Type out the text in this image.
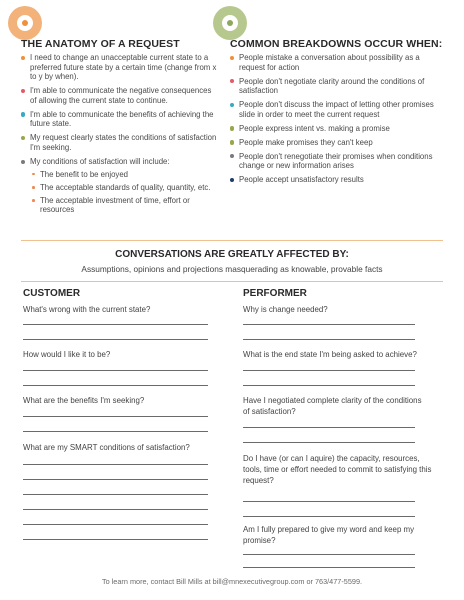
THE ANATOMY OF A REQUEST
I need to change an unacceptable current state to a preferred future state by a certain time (change from x to y by when).
I'm able to communicate the negative consequences of allowing the current state to continue.
I'm able to communicate the benefits of achieving the future state.
My request clearly states the conditions of satisfaction I'm seeking.
My conditions of satisfaction will include:
The benefit to be enjoyed
The acceptable standards of quality, quantity, etc.
The acceptable investment of time, effort or resources
COMMON BREAKDOWNS OCCUR WHEN:
People mistake a conversation about possibility as a request for action
People don't negotiate clarity around the conditions of satisfaction
People don't discuss the impact of letting other promises slide in order to meet the current request
People express intent vs. making a promise
People make promises they can't keep
People don't renegotiate their promises when conditions change or new information arises
People accept unsatisfactory results
CONVERSATIONS ARE GREATLY AFFECTED BY:
Assumptions, opinions and projections masquerading as knowable, provable facts
CUSTOMER
What's wrong with the current state?
How would I like it to be?
What are the benefits I'm seeking?
What are my SMART conditions of satisfaction?
PERFORMER
Why is change needed?
What is the end state I'm being asked to achieve?
Have I negotiated complete clarity of the conditions of satisfaction?
Do I have (or can I aquire) the capacity, resources, tools, time or effort needed to commit to satisfying this request?
Am I fully prepared to give my word and keep my promise?
To learn more, contact Bill Mills at bill@mnexecutivegroup.com or 763/477-5599.
